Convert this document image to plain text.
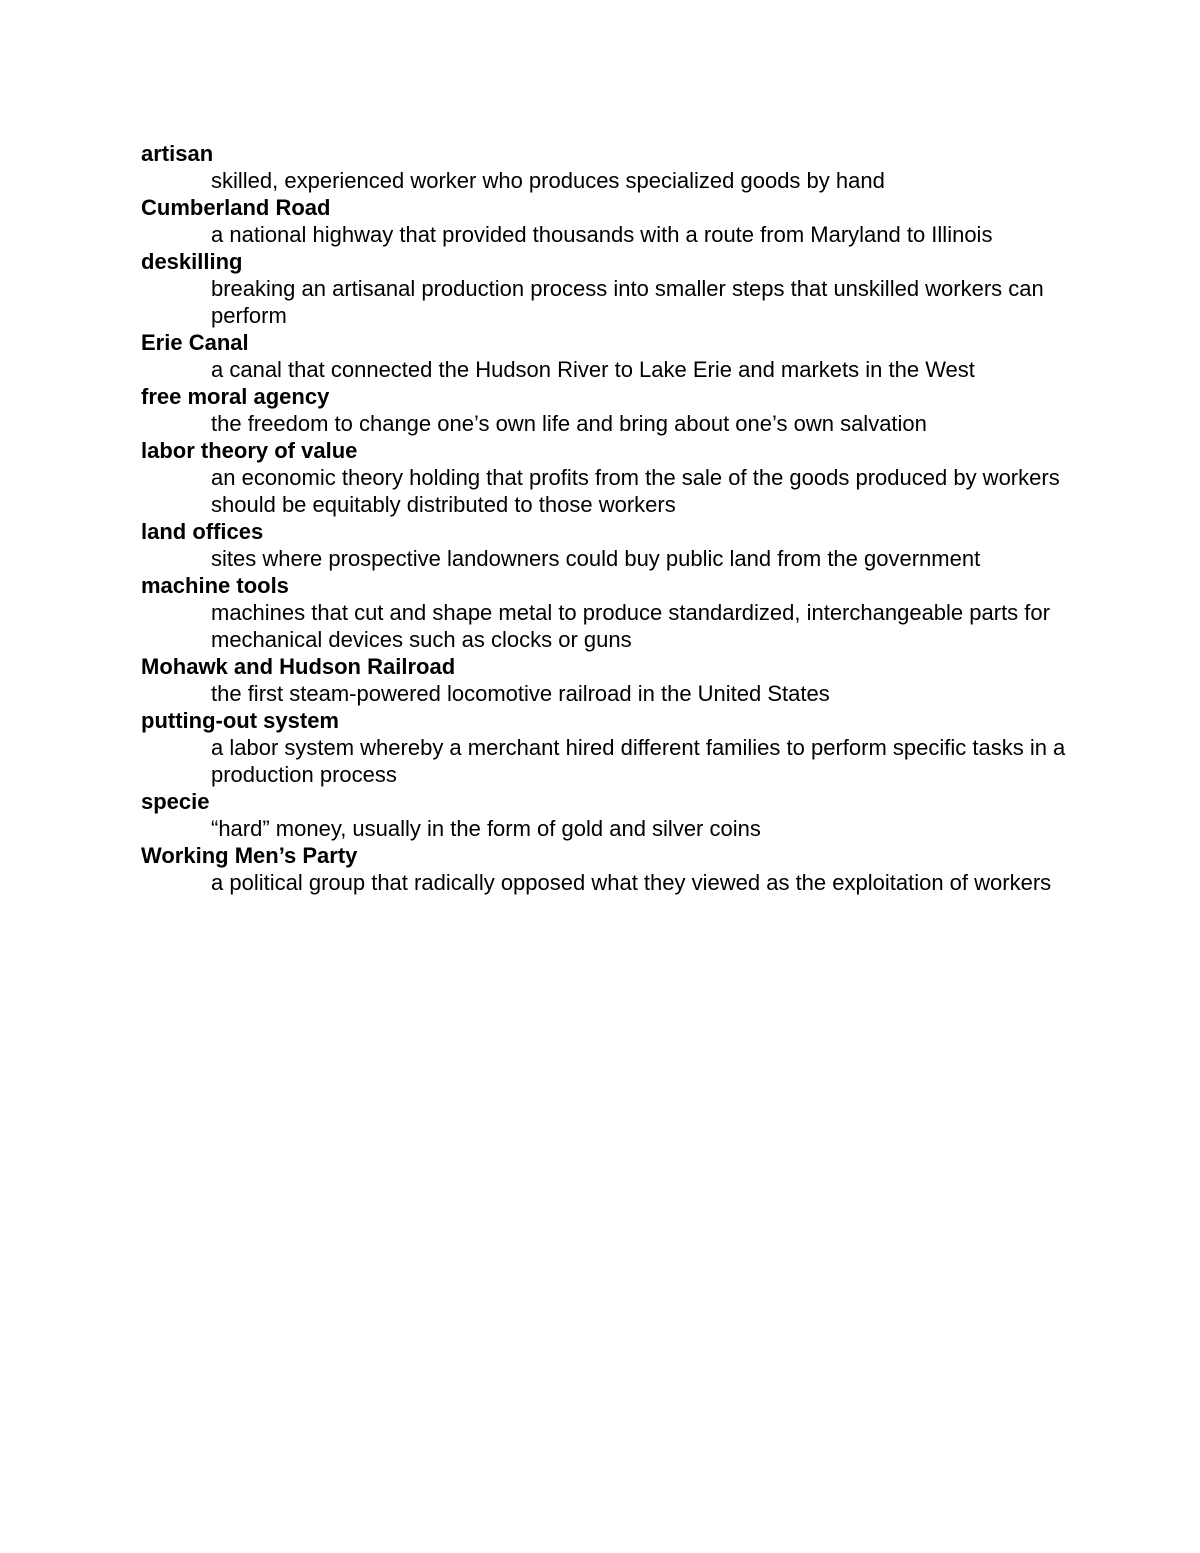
artisan
skilled, experienced worker who produces specialized goods by hand
Cumberland Road
a national highway that provided thousands with a route from Maryland to Illinois
deskilling
breaking an artisanal production process into smaller steps that unskilled workers can perform
Erie Canal
a canal that connected the Hudson River to Lake Erie and markets in the West
free moral agency
the freedom to change one’s own life and bring about one’s own salvation
labor theory of value
an economic theory holding that profits from the sale of the goods produced by workers should be equitably distributed to those workers
land offices
sites where prospective landowners could buy public land from the government
machine tools
machines that cut and shape metal to produce standardized, interchangeable parts for mechanical devices such as clocks or guns
Mohawk and Hudson Railroad
the first steam-powered locomotive railroad in the United States
putting-out system
a labor system whereby a merchant hired different families to perform specific tasks in a production process
specie
“hard” money, usually in the form of gold and silver coins
Working Men’s Party
a political group that radically opposed what they viewed as the exploitation of workers
